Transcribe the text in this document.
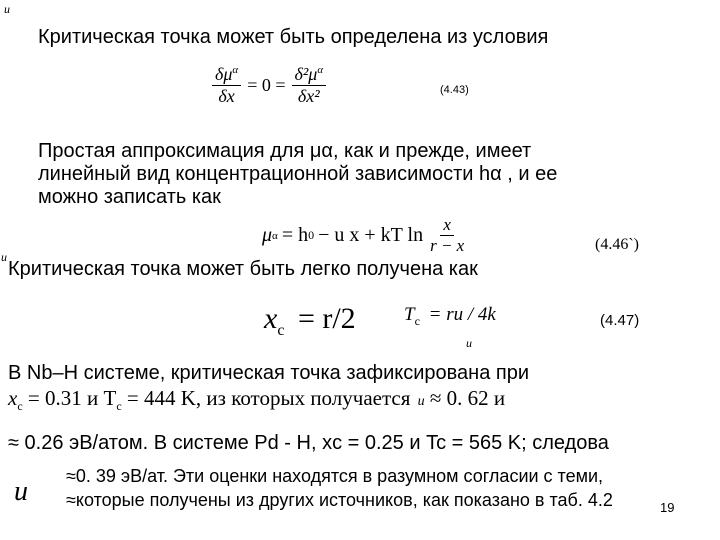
u
Критическая точка может быть определена из условия
$\frac{\delta\mu^\alpha}{\delta x} = 0 = \frac{\delta^2\mu^\alpha}{\text{δx²}}$	(4.43)
Простая аппроксимация для μα, как и прежде, имеет
линейный вид концентрационной зависимости hα , и ее
можно записать как
μ α = h 0 − u x + kT $\ln \frac{x}{r - x}$	(4.46`)
u
Критическая точка может быть легко получена как
$x_c = r/2$	$T_c$ = ru / 4k	(4.47)
u
В Nb–H системе, критическая точка зафиксирована при
$x_c = 0.31$ и $T_c = 444$ K, из которых получается u ≈ 0. 62 и
≈ 0.26 эВ/атом. В системе Pd - H, xc = 0.25 и Tc = 565 K; следова
u ≈0. 39 эВ/ат. Эти оценки находятся в разумном согласии с теми,
≈которые получены из других источников, как показано в таб. 4.2	19
